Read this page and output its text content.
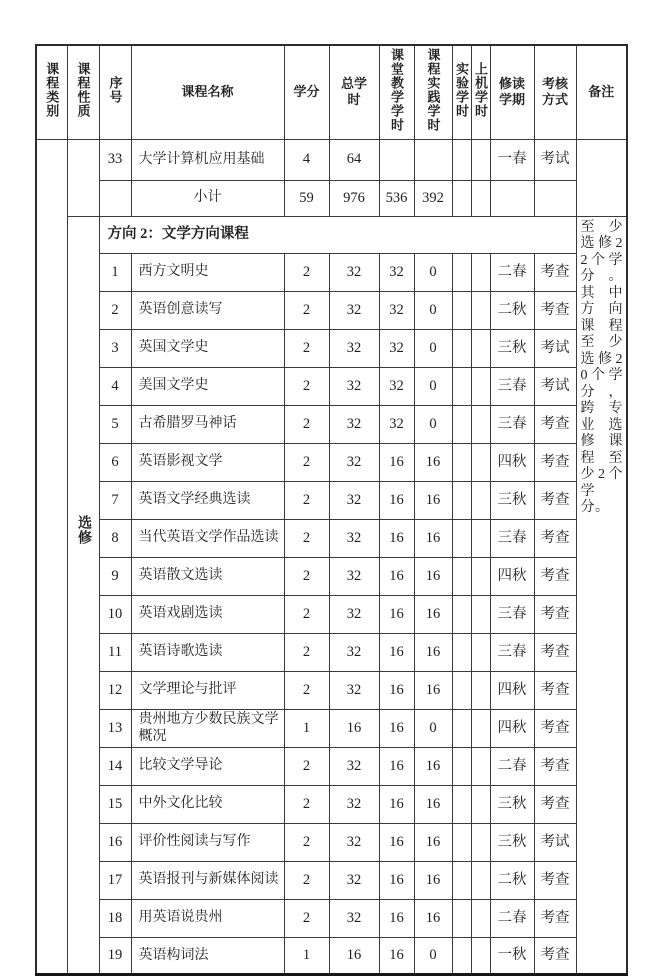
课程类别	课程性质	序号	课程名称	学分	总学时	课堂教学学时	课程实践学时	实验学时	上机学时	修读学期	考核方式	备注
		33	大学计算机应用基础	4	64					一春	考试	
			小计	59	976	536	392					
	选修	方向 2：文学方向课程										至少选修22个学分。其中方向课程至少选修20个学分，跨专业选修课程至少2个学分。
		1	西方文明史	2	32	32	0			二春	考查	
		2	英语创意读写	2	32	32	0			二秋	考查	
		3	英国文学史	2	32	32	0			三秋	考试	
		4	美国文学史	2	32	32	0			三春	考试	
		5	古希腊罗马神话	2	32	32	0			三春	考查	
		6	英语影视文学	2	32	16	16			四秋	考查	
		7	英语文学经典选读	2	32	16	16			三秋	考查	
		8	当代英语文学作品选读	2	32	16	16			三春	考查	
		9	英语散文选读	2	32	16	16			四秋	考查	
		10	英语戏剧选读	2	32	16	16			三春	考查	
		11	英语诗歌选读	2	32	16	16			三春	考查	
		12	文学理论与批评	2	32	16	16			四秋	考查	
		13	贵州地方少数民族文学概况	1	16	16	0			四秋	考查	
		14	比较文学导论	2	32	16	16			二春	考查	
		15	中外文化比较	2	32	16	16			三秋	考查	
		16	评价性阅读与写作	2	32	16	16			三秋	考试	
		17	英语报刊与新媒体阅读	2	32	16	16			二秋	考查	
		18	用英语说贵州	2	32	16	16			二春	考查	
		19	英语构词法	1	16	16	0			一秋	考查	
